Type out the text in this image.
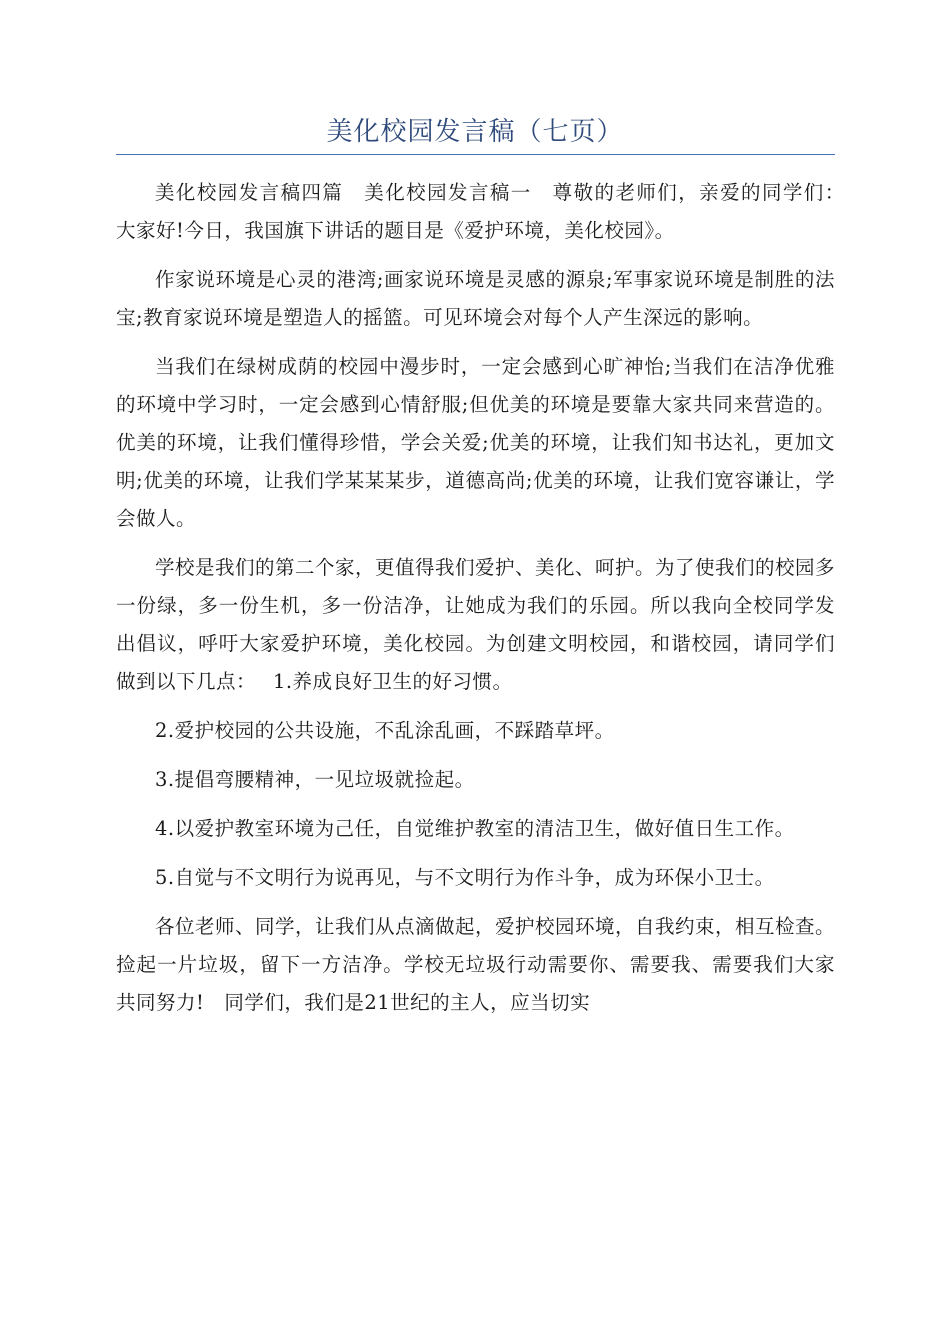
美化校园发言稿（七页）

美化校园发言稿四篇　美化校园发言稿一　尊敬的老师们，亲爱的同学们：　 大家好!今日，我国旗下讲话的题目是《爱护环境，美化校园》。

作家说环境是心灵的港湾;画家说环境是灵感的源泉;军事家说环境是制胜的法宝;教育家说环境是塑造人的摇篮。可见环境会对每个人产生深远的影响。

当我们在绿树成荫的校园中漫步时，一定会感到心旷神怡;当我们在洁净优雅的环境中学习时，一定会感到心情舒服;但优美的环境是要靠大家共同来营造的。优美的环境，让我们懂得珍惜，学会关爱;优美的环境，让我们知书达礼，更加文明;优美的环境，让我们学某某某步，道德高尚;优美的环境，让我们宽容谦让，学会做人。

学校是我们的第二个家，更值得我们爱护、美化、呵护。为了使我们的校园多一份绿，多一份生机，多一份洁净，让她成为我们的乐园。所以我向全校同学发出倡议，呼吁大家爱护环境，美化校园。为创建文明校园，和谐校园，请同学们做到以下几点：　 1.养成良好卫生的好习惯。

2.爱护校园的公共设施，不乱涂乱画，不踩踏草坪。

3.提倡弯腰精神，一见垃圾就捡起。

4.以爱护教室环境为己任，自觉维护教室的清洁卫生，做好值日生工作。

5.自觉与不文明行为说再见，与不文明行为作斗争，成为环保小卫士。

各位老师、同学，让我们从点滴做起，爱护校园环境，自我约束，相互检查。捡起一片垃圾，留下一方洁净。学校无垃圾行动需要你、需要我、需要我们大家共同努力!　同学们，我们是21世纪的主人，应当切实
